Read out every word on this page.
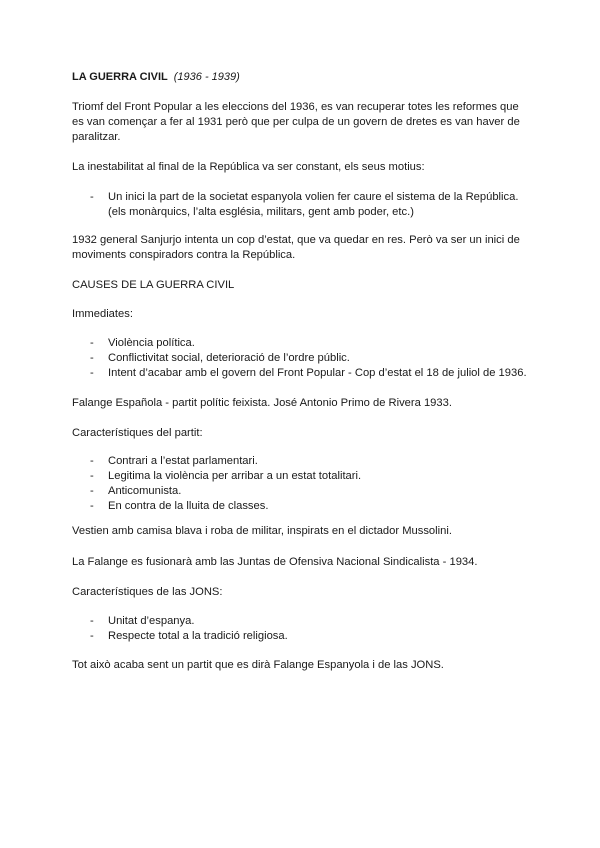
LA GUERRA CIVIL (1936 - 1939)

Triomf del Front Popular a les eleccions del 1936, es van recuperar totes les reformes que es van començar a fer al 1931 però que per culpa de un govern de dretes es van haver de paralitzar.

La inestabilitat al final de la República va ser constant, els seus motius:

- Un inici la part de la societat espanyola volien fer caure el sistema de la República. (els monàrquics, l’alta església, militars, gent amb poder, etc.)

1932 general Sanjurjo intenta un cop d’estat, que va quedar en res. Però va ser un inici de moviments conspiradors contra la República.

CAUSES DE LA GUERRA CIVIL

Immediates:

- Violència política.
- Conflictivitat social, deterioració de l’ordre públic.
- Intent d’acabar amb el govern del Front Popular - Cop d’estat el 18 de juliol de 1936.

Falange Española - partit polític feixista. José Antonio Primo de Rivera 1933.

Característiques del partit:

- Contrari a l’estat parlamentari.
- Legitima la violència per arribar a un estat totalitari.
- Anticomunista.
- En contra de la lluita de classes.

Vestien amb camisa blava i roba de militar, inspirats en el dictador Mussolini.

La Falange es fusionarà amb las Juntas de Ofensiva Nacional Sindicalista - 1934.

Característiques de las JONS:

- Unitat d’espanya.
- Respecte total a la tradició religiosa.

Tot això acaba sent un partit que es dirà Falange Espanyola i de las JONS.
